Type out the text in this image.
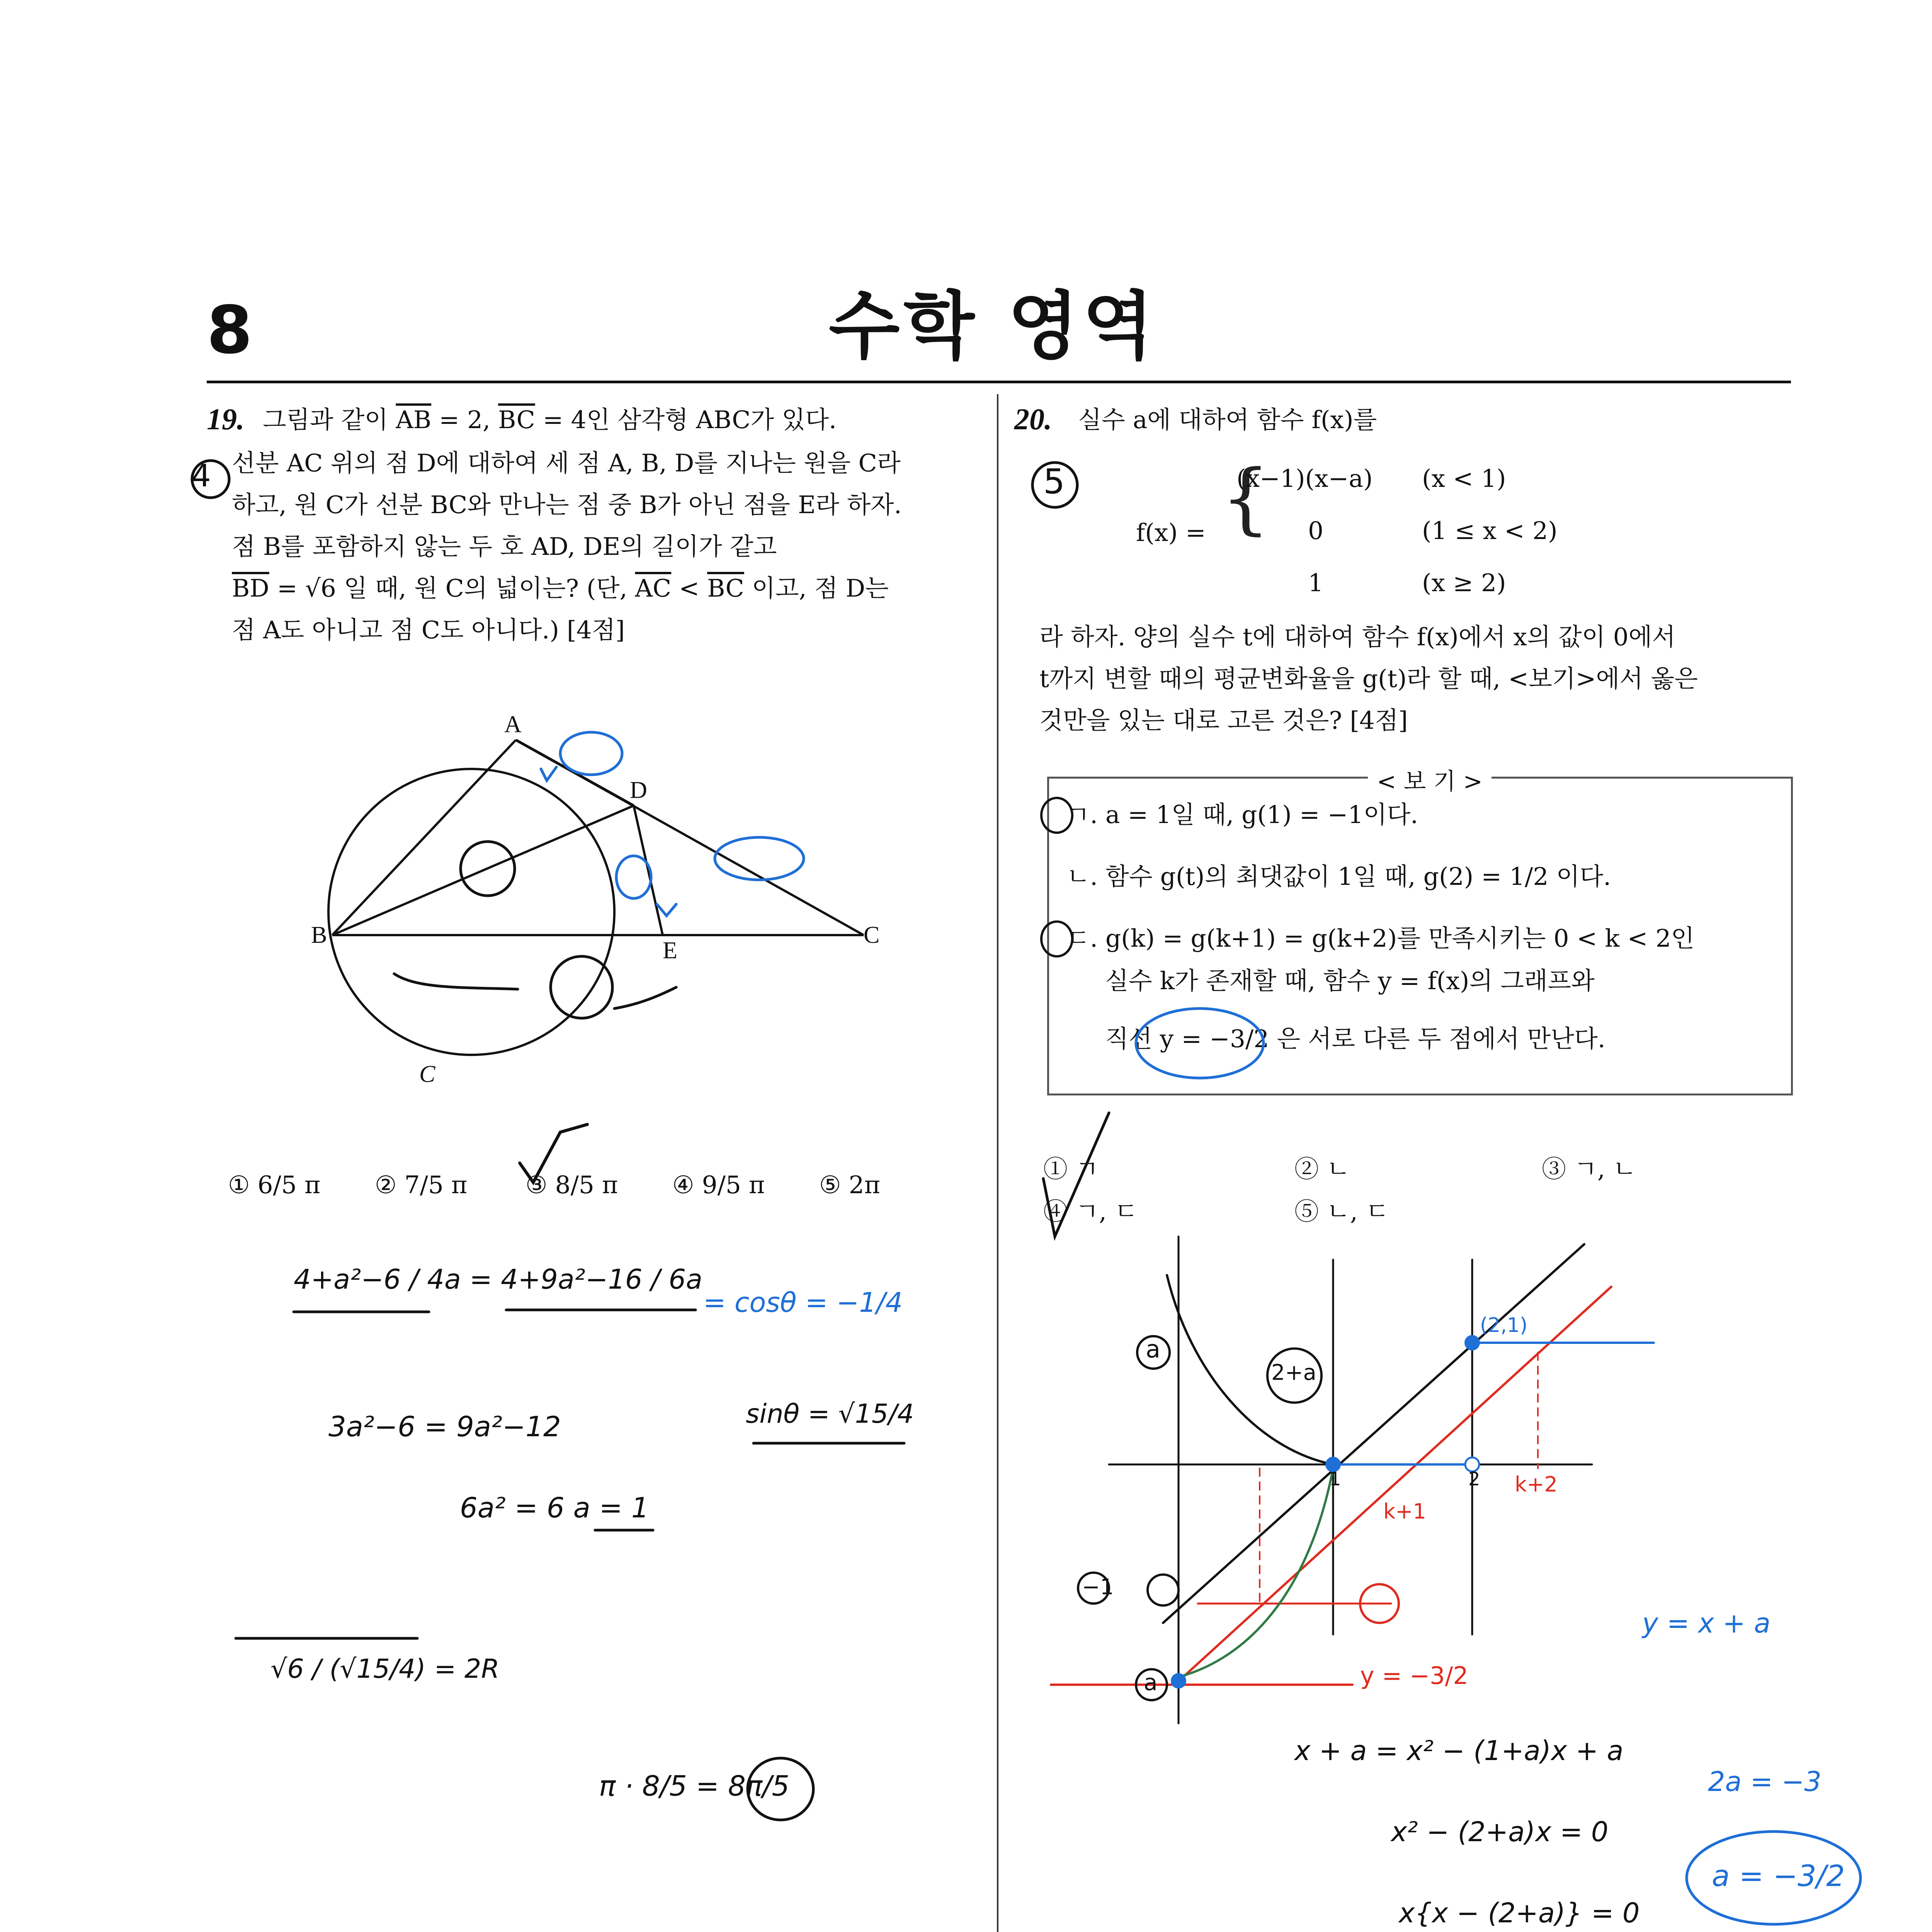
8	수학 영역
19. 그림과 같이 $\overline{AB} = 2$, $\overline{BC} = 4$인 삼각형 ABC가 있다.
선분 AC 위의 점 D에 대하여 세 점 A, B, D를 지나는 원을 C라
하고, 원 C가 선분 BC와 만나는 점 중 B가 아닌 점을 E라 하자.
점 B를 포함하지 않는 두 호 AD, DE의 길이가 같고
$\overline{BD} = √6$ 일 때, 원 C의 넓이는? (단, $\overline{AC} < \overline{BC}$ 이고, 점 D는
점 A도 아니고 점 C도 아니다.) [4점]
A
B	C
D
E
C
① 6/5 π ② 7/5 π ③ 8/5 π ④ 9/5 π ⑤ 2π
20. 실수 a에 대하여 함수 f(x)를
f(x) = {
(x−1)(x−a) (x < 1)
0	(1 ≤ x < 2)
1	(x ≥ 2)
라 하자. 양의 실수 t에 대하여 함수 f(x)에서 x의 값이 0에서
t까지 변할 때의 평균변화율을 g(t)라 할 때, <보기>에서 옳은
것만을 있는 대로 고른 것은? [4점]
< 보 기 >
ㄱ. a = 1일 때, g(1) = −1이다.
ㄴ. 함수 g(t)의 최댓값이 1일 때, g(2) = 1/2 이다.
ㄷ. g(k) = g(k+1) = g(k+2)를 만족시키는 0 < k < 2인
실수 k가 존재할 때, 함수 y = f(x)의 그래프와
직선 y = −3/2 은 서로 다른 두 점에서 만난다.
① ㄱ	② ㄴ	③ ㄱ, ㄴ
④ ㄱ, ㄷ	⑤ ㄴ, ㄷ
4	5
4+a²−6 / 4a = 4+9a²−16 / 6a
= cosθ = −1/4
3a²−6 = 9a²−12
6a² = 6 a = 1
sinθ = √15/4
√6 / (√15/4) = 2R
π · 8/5 = 8π/5
y = x + a
x + a = x² − (1+a)x + a
x² − (2+a)x = 0
x{x − (2+a)} = 0
2a = −3
a = −3/2
a
2+a
1	2
k+1
k+2
−1
a	y = −3/2
(2,1)
